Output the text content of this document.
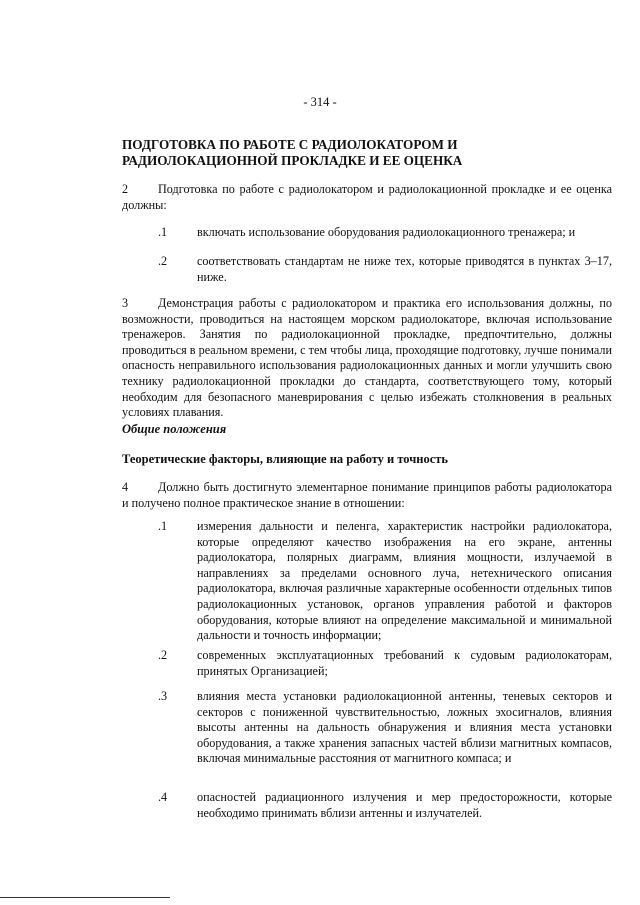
- 314 -
ПОДГОТОВКА ПО РАБОТЕ С РАДИОЛОКАТОРОМ И РАДИОЛОКАЦИОННОЙ ПРОКЛАДКЕ И ЕЕ ОЦЕНКА
2 Подготовка по работе с радиолокатором и радиолокационной прокладке и ее оценка должны:
.1	включать использование оборудования радиолокационного тренажера; и
.2	соответствовать стандартам не ниже тех, которые приводятся в пунктах 3–17, ниже.
3 Демонстрация работы с радиолокатором и практика его использования должны, по возможности, проводиться на настоящем морском радиолокаторе, включая использование тренажеров. Занятия по радиолокационной прокладке, предпочтительно, должны проводиться в реальном времени, с тем чтобы лица, проходящие подготовку, лучше понимали опасность неправильного использования радиолокационных данных и могли улучшить свою технику радиолокационной прокладки до стандарта, соответствующего тому, который необходим для безопасного маневрирования с целью избежать столкновения в реальных условиях плавания.
Общие положения
Теоретические факторы, влияющие на работу и точность
4 Должно быть достигнуто элементарное понимание принципов работы радиолокатора и получено полное практическое знание в отношении:
.1	измерения дальности и пеленга, характеристик настройки радиолокатора, которые определяют качество изображения на его экране, антенны радиолокатора, полярных диаграмм, влияния мощности, излучаемой в направлениях за пределами основного луча, нетехнического описания радиолокатора, включая различные характерные особенности отдельных типов радиолокационных установок, органов управления работой и факторов оборудования, которые влияют на определение максимальной и минимальной дальности и точность информации;
.2	современных эксплуатационных требований к судовым радиолокаторам, принятых Организацией;
.3	влияния места установки радиолокационной антенны, теневых секторов и секторов с пониженной чувствительностью, ложных эхосигналов, влияния высоты антенны на дальность обнаружения и влияния места установки оборудования, а также хранения запасных частей вблизи магнитных компасов, включая минимальные расстояния от магнитного компаса; и
.4	опасностей радиационного излучения и мер предосторожности, которые необходимо принимать вблизи антенны и излучателей.
